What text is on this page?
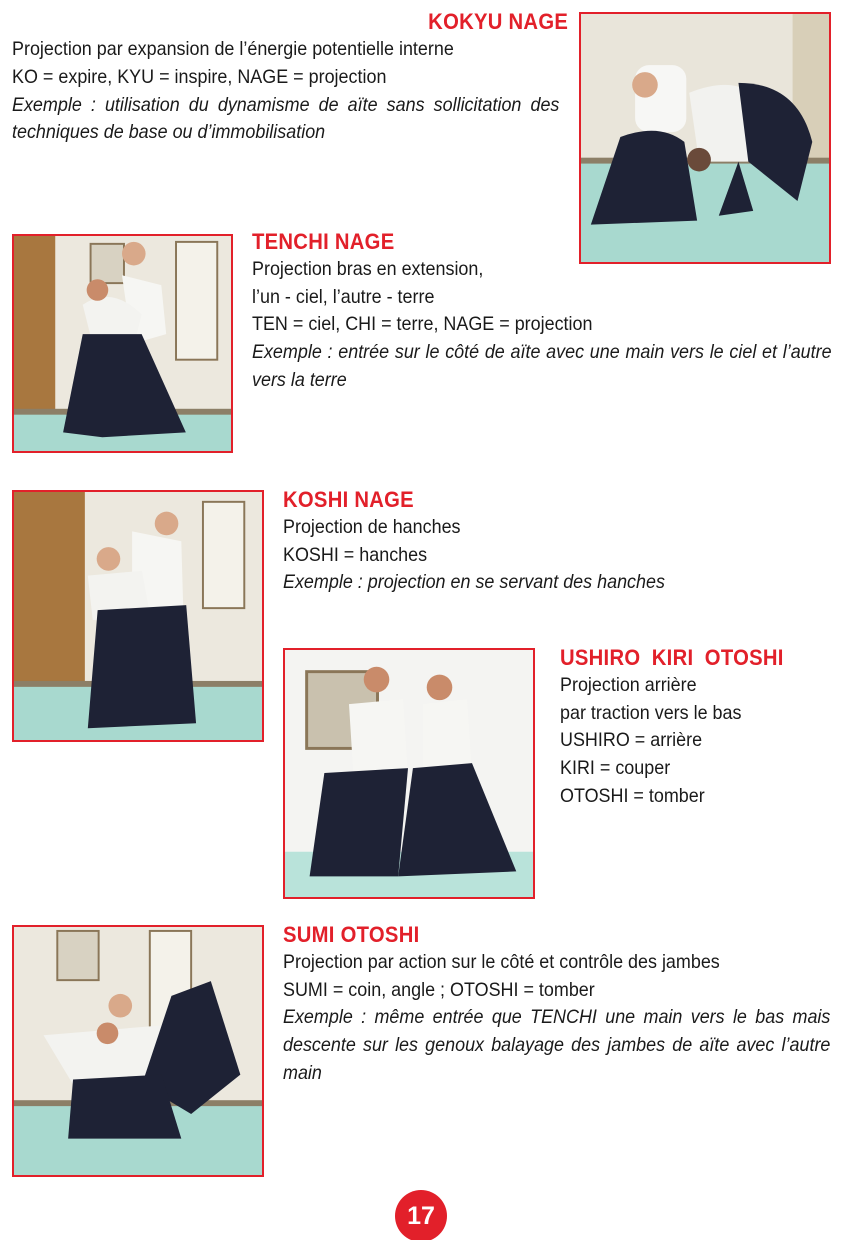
KOKYU NAGE
Projection par expansion de l’énergie potentielle interne
KO = expire, KYU = inspire, NAGE = projection
Exemple : utilisation du dynamisme de aïte sans sollicitation des techniques de base ou d’immobilisation
TENCHI NAGE
Projection bras en extension,
l’un - ciel, l’autre - terre
TEN = ciel, CHI = terre, NAGE = projection
Exemple : entrée sur le côté de aïte avec une main vers le ciel et l’autre vers la terre
KOSHI NAGE
Projection de hanches
KOSHI = hanches
Exemple : projection en se servant des hanches
USHIRO KIRI OTOSHI
Projection arrière
par traction vers le bas
USHIRO = arrière
KIRI = couper
OTOSHI = tomber
SUMI OTOSHI
Projection par action sur le côté et contrôle des jambes
SUMI = coin, angle ; OTOSHI = tomber
Exemple : même entrée que TENCHI une main vers le bas mais descente sur les genoux balayage des jambes de aïte avec l’autre main
17
